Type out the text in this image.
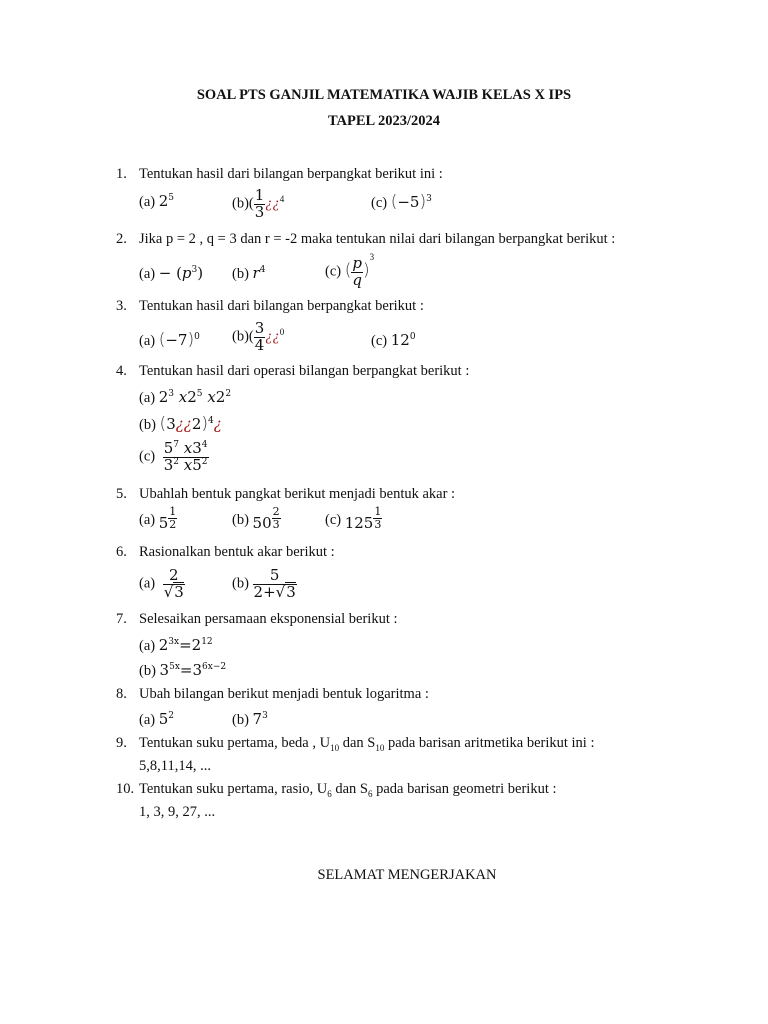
SOAL PTS GANJIL MATEMATIKA WAJIB KELAS X IPS
TAPEL 2023/2024
1. Tentukan hasil dari bilangan berpangkat berikut ini :
(a) $2^5$	$(b)( \frac{1}{3}$ ¿¿$^4$	(c) $(-5)^3$
2. Jika p = 2 , q = 3 dan r = -2 maka tentukan nilai dari bilangan berpangkat berikut :
$(a) - (p^3)$ (b) $r^4$	(c) ( $\frac{p}{q} )^3$
3. Tentukan hasil dari bilangan berpangkat berikut :
(a) $(-7)^0$ $(b)( \frac{3}{4}$ ¿¿$^0$
(c) $12^0$
4. Tentukan hasil dari operasi bilangan berpangkat berikut :
(a) $2^3$ $x2^5$ $x2^2$
(b) (3¿¿2)$^4$¿
$(c) \frac{5^7 x3^4}{3^2 x5^2}$
5. Ubahlah bentuk pangkat berikut menjadi bentuk akar :
(a) $5 \frac{1}{2}$	(b) $50 \frac{2}{3}$	(c) $125 \frac{1}{3}$
6. Rasionalkan bentuk akar berikut :
$(a) \frac{2}{√3}$	$(b) \frac{5}{2+√3}$
7. Selesaikan persamaan eksponensial berikut :
(a) $2^{3x}=2^{12}$
(b) $3^{5x}=3^{6x-2}$
8. Ubah bilangan berikut menjadi bentuk logaritma :
(a) $5^2$	(b) $7^3$
9. Tentukan suku pertama, beda , $U_{10}$ dan $S_{10}$ pada barisan aritmetika berikut ini :
5,8,11,14, ...
10. Tentukan suku pertama, rasio, $U_6$ dan $S_6$ pada barisan geometri berikut :
1, 3, 9, 27, ...
SELAMAT MENGERJAKAN
